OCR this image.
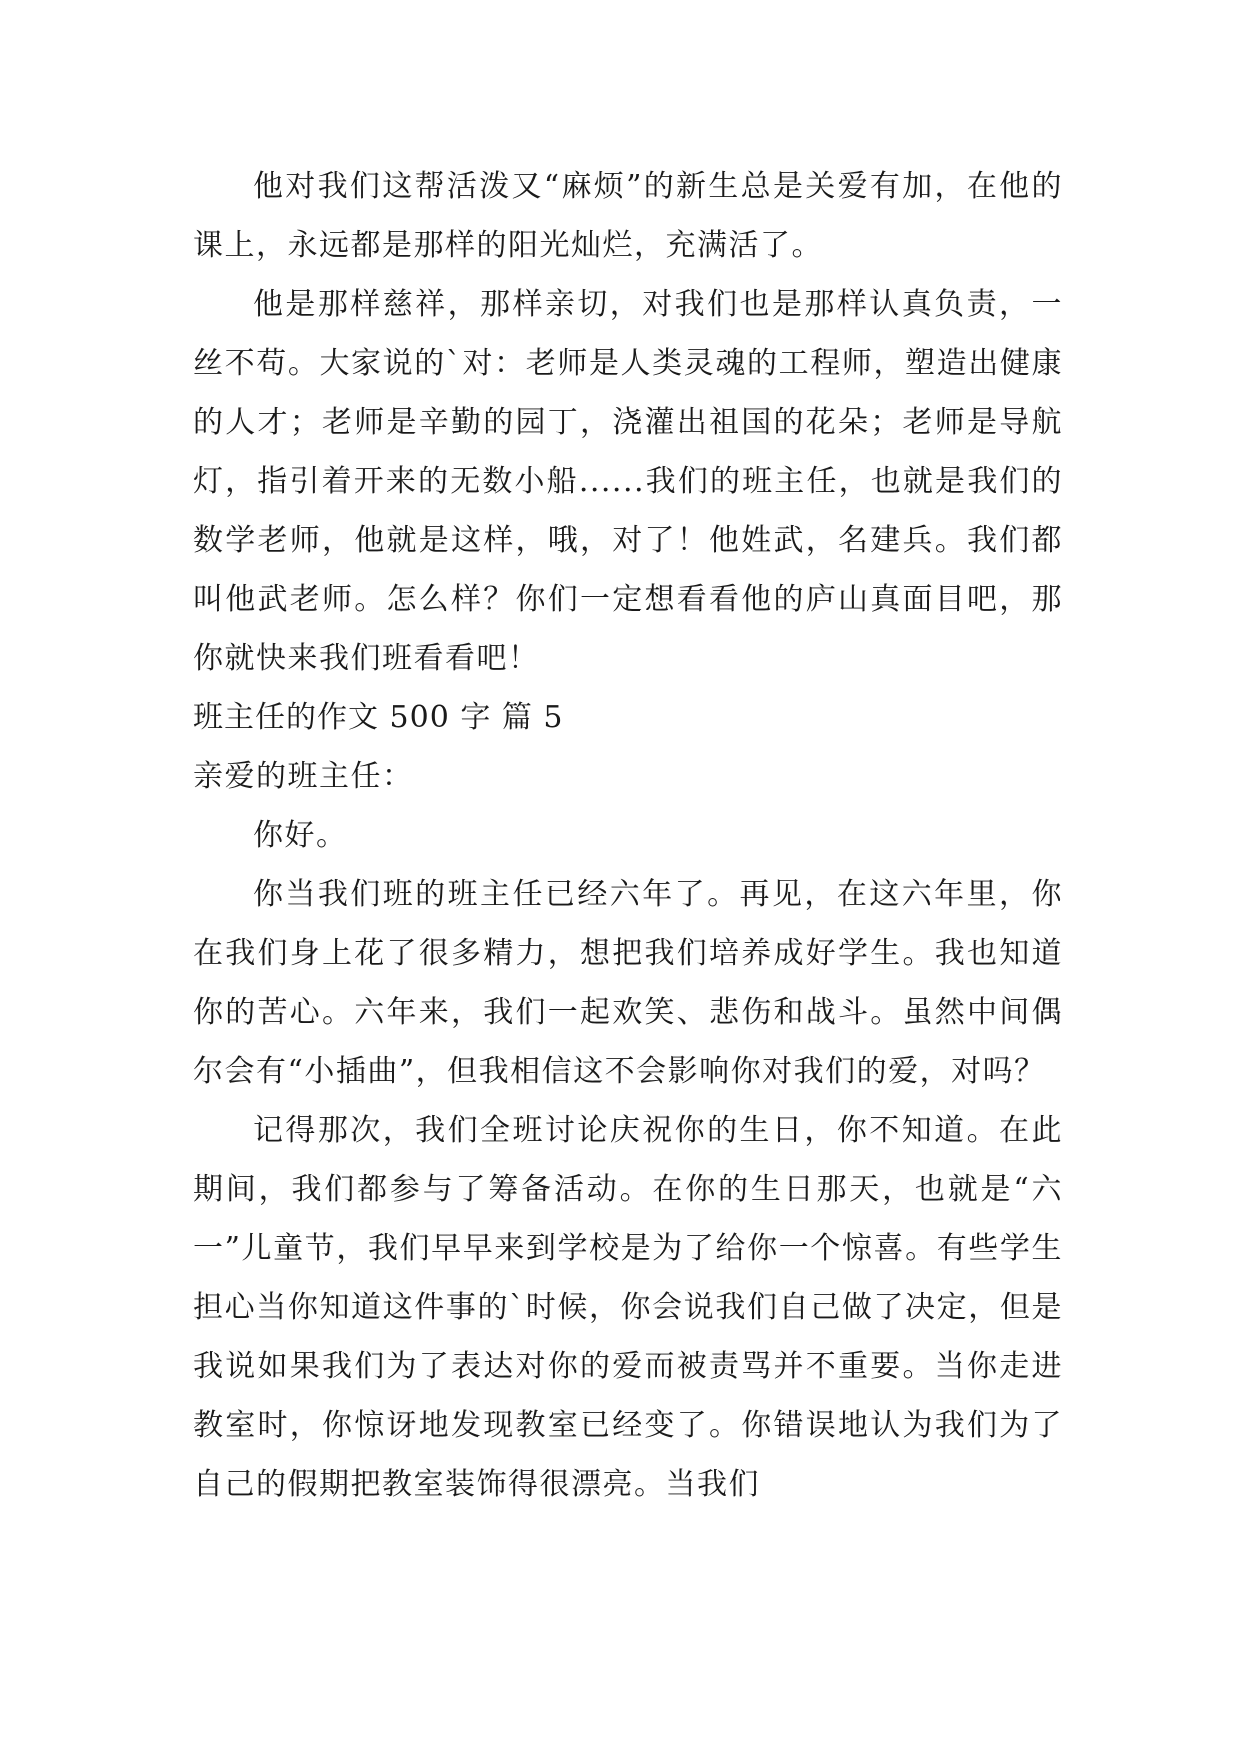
他对我们这帮活泼又“麻烦”的新生总是关爱有加，在他的课上，永远都是那样的阳光灿烂，充满活了。

他是那样慈祥，那样亲切，对我们也是那样认真负责，一丝不苟。大家说的`对：老师是人类灵魂的工程师，塑造出健康的人才；老师是辛勤的园丁，浇灌出祖国的花朵；老师是导航灯，指引着开来的无数小船......我们的班主任，也就是我们的数学老师，他就是这样，哦，对了！他姓武，名建兵。我们都叫他武老师。怎么样？你们一定想看看他的庐山真面目吧，那你就快来我们班看看吧！

班主任的作文 500 字 篇 5

亲爱的班主任：

你好。

你当我们班的班主任已经六年了。再见，在这六年里，你在我们身上花了很多精力，想把我们培养成好学生。我也知道你的苦心。六年来，我们一起欢笑、悲伤和战斗。虽然中间偶尔会有“小插曲”，但我相信这不会影响你对我们的爱，对吗？

记得那次，我们全班讨论庆祝你的生日，你不知道。在此期间，我们都参与了筹备活动。在你的生日那天，也就是“六一”儿童节，我们早早来到学校是为了给你一个惊喜。有些学生担心当你知道这件事的`时候，你会说我们自己做了决定，但是我说如果我们为了表达对你的爱而被责骂并不重要。当你走进教室时，你惊讶地发现教室已经变了。你错误地认为我们为了自己的假期把教室装饰得很漂亮。当我们
